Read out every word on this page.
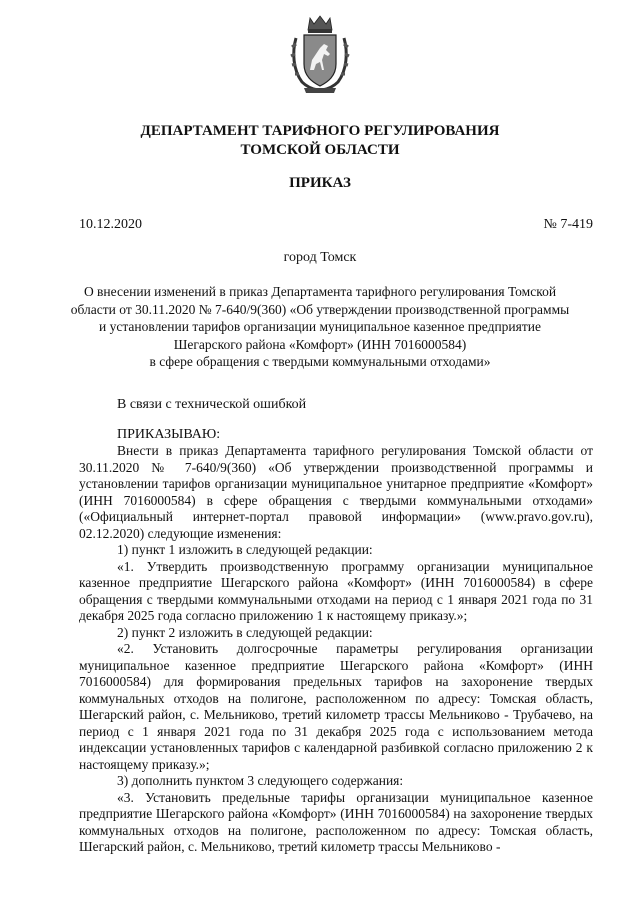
ДЕПАРТАМЕНТ ТАРИФНОГО РЕГУЛИРОВАНИЯ
ТОМСКОЙ ОБЛАСТИ
ПРИКАЗ
10.12.2020	№ 7-419
город Томск
О внесении изменений в приказ Департамента тарифного регулирования Томской
области от 30.11.2020 № 7-640/9(360) «Об утверждении производственной программы
и установлении тарифов организации муниципальное казенное предприятие
Шегарского района «Комфорт» (ИНН 7016000584)
в сфере обращения с твердыми коммунальными отходами»
В связи с технической ошибкой
ПРИКАЗЫВАЮ:

Внести в приказ Департамента тарифного регулирования Томской области от 30.11.2020 № 7-640/9(360) «Об утверждении производственной программы и установлении тарифов организации муниципальное унитарное предприятие «Комфорт» (ИНН 7016000584) в сфере обращения с твердыми коммунальными отходами» («Официальный интернет-портал правовой информации» (www.pravo.gov.ru), 02.12.2020) следующие изменения:

1) пункт 1 изложить в следующей редакции:

«1. Утвердить производственную программу организации муниципальное казенное предприятие Шегарского района «Комфорт» (ИНН 7016000584) в сфере обращения с твердыми коммунальными отходами на период с 1 января 2021 года по 31 декабря 2025 года согласно приложению 1 к настоящему приказу.»;

2) пункт 2 изложить в следующей редакции:

«2. Установить долгосрочные параметры регулирования организации муниципальное казенное предприятие Шегарского района «Комфорт» (ИНН 7016000584) для формирования предельных тарифов на захоронение твердых коммунальных отходов на полигоне, расположенном по адресу: Томская область, Шегарский район, с. Мельниково, третий километр трассы Мельниково - Трубачево, на период с 1 января 2021 года по 31 декабря 2025 года с использованием метода индексации установленных тарифов с календарной разбивкой согласно приложению 2 к настоящему приказу.»;

3) дополнить пунктом 3 следующего содержания:

«3. Установить предельные тарифы организации муниципальное казенное предприятие Шегарского района «Комфорт» (ИНН 7016000584) на захоронение твердых коммунальных отходов на полигоне, расположенном по адресу: Томская область, Шегарский район, с. Мельниково, третий километр трассы Мельниково -
